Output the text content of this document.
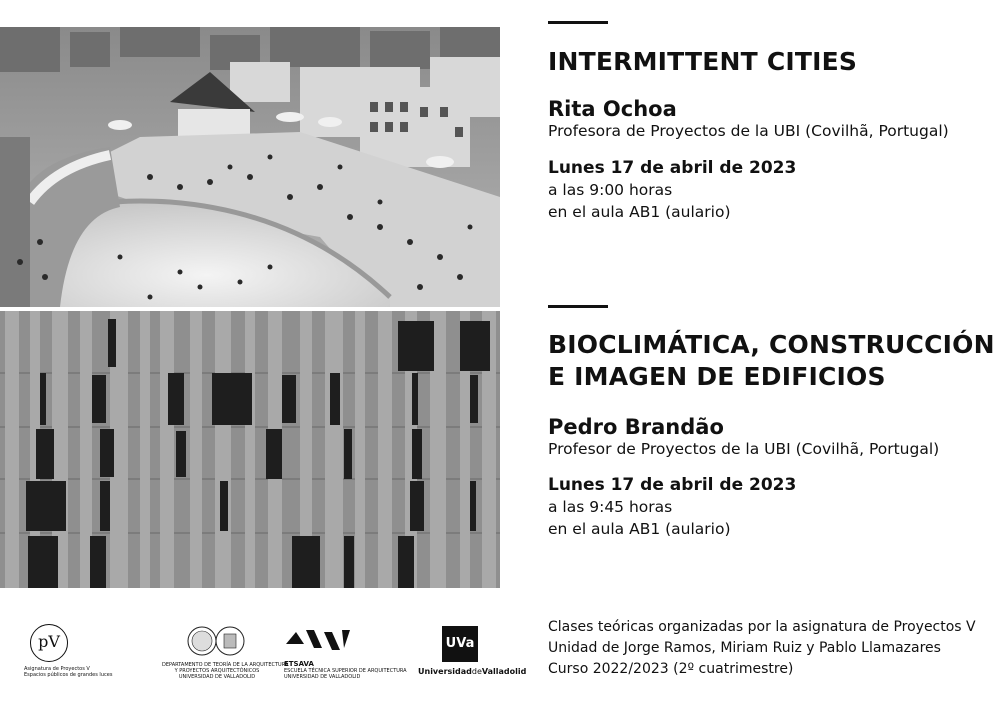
INTERMITTENT CITIES
Rita Ochoa
Profesora de Proyectos de la UBI (Covilhã, Portugal)
Lunes 17 de abril de 2023
a las 9:00 horas
en el aula AB1 (aulario)
BIOCLIMÁTICA, CONSTRUCCIÓN
E IMAGEN DE EDIFICIOS
Pedro Brandão
Profesor de Proyectos de la UBI (Covilhã, Portugal)
Lunes 17 de abril de 2023
a las 9:45 horas
en el aula AB1 (aulario)
Clases teóricas organizadas por la asignatura de Proyectos V
Unidad de Jorge Ramos, Miriam Ruiz y Pablo Llamazares
Curso 2022/2023 (2º cuatrimestre)
pV
Asignatura de Proyectos V
Espacios públicos de grandes luces
DEPARTAMENTO DE TEORÍA DE LA ARQUITECTURA
Y PROYECTOS ARQUITECTÓNICOS
UNIVERSIDAD DE VALLADOLID
ETSAVA
ESCUELA TÉCNICA SUPERIOR DE ARQUITECTURA
UNIVERSIDAD DE VALLADOLID
UVa
UniversidaddeValladolid
